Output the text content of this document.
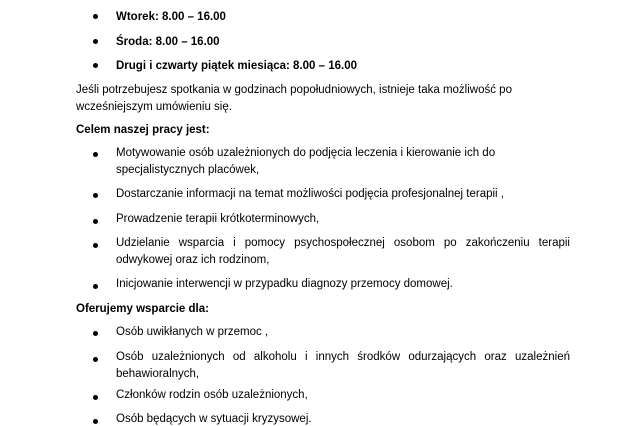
Wtorek: 8.00 – 16.00
Środa: 8.00 – 16.00
Drugi i czwarty piątek miesiąca: 8.00 – 16.00
Jeśli potrzebujesz spotkania w godzinach popołudniowych, istnieje taka możliwość po wcześniejszym umówieniu się.
Celem naszej pracy jest:
Motywowanie osób uzależnionych do podjęcia leczenia i kierowanie ich do specjalistycznych placówek,
Dostarczanie informacji na temat możliwości podjęcia profesjonalnej terapii ,
Prowadzenie terapii krótkoterminowych,
Udzielanie wsparcia i pomocy psychospołecznej osobom po zakończeniu terapii odwykowej oraz ich rodzinom,
Inicjowanie interwencji w przypadku diagnozy przemocy domowej.
Oferujemy wsparcie dla:
Osób uwikłanych w przemoc ,
Osób uzależnionych od alkoholu i innych środków odurzających oraz uzależnień behawioralnych,
Członków rodzin osób uzależnionych,
Osób będących w sytuacji kryzysowej.
